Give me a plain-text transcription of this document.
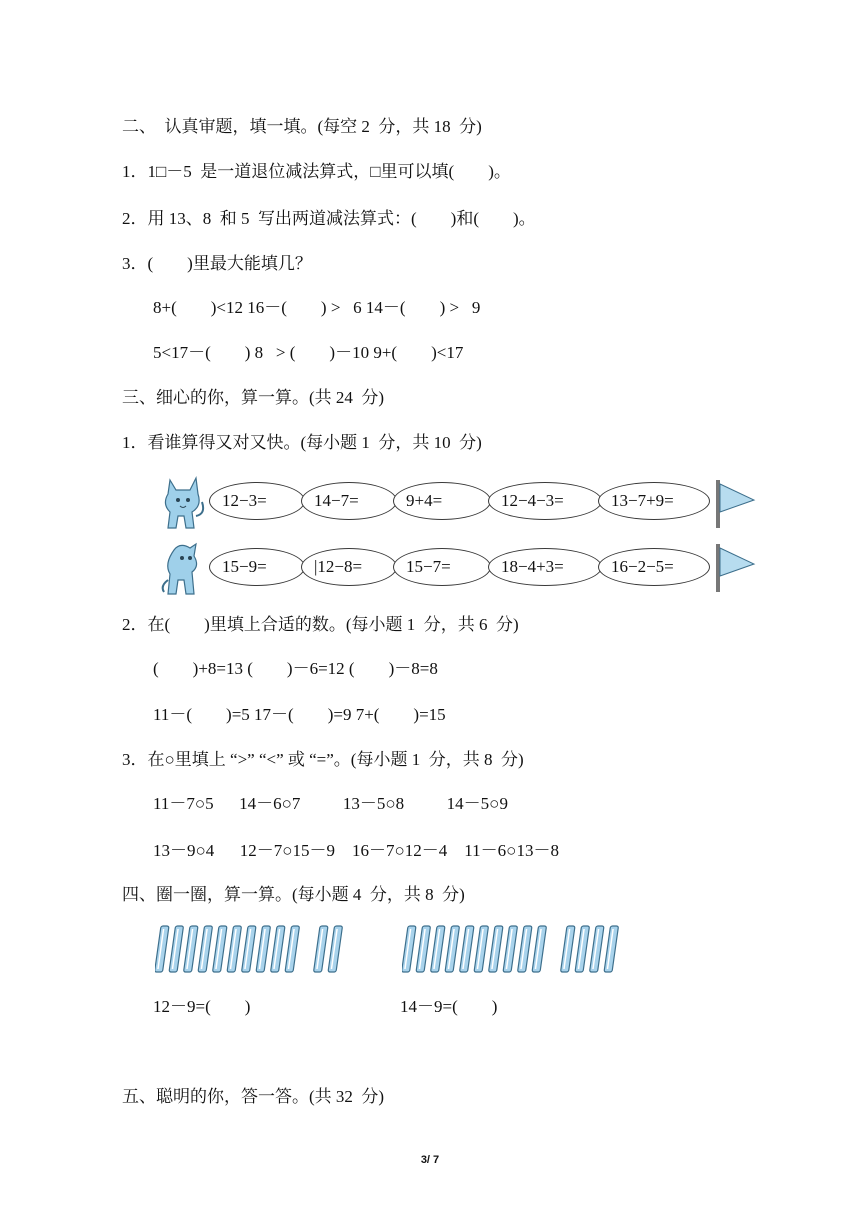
二、  认真审题，填一填。(每空 2  分，共 18  分)
1．1□－5  是一道退位减法算式，□里可以填(        )。
2．用 13、8  和 5  写出两道减法算式：(        )和(        )。
3．(        )里最大能填几？
8+(        )<12 16－(        ) >   6 14－(        ) >   9
5<17－(        ) 8   > (        )－10 9+(        )<17
三、细心的你，算一算。(共 24  分)
1．看谁算得又对又快。(每小题 1  分，共 10  分)
12−3=	14−7=	9+4=	12−4−3=	13−7+9=
15−9=	|12−8=	15−7=	18−4+3=	16−2−5=
2．在(        )里填上合适的数。(每小题 1  分，共 6  分)
(        )+8=13 (        )－6=12 (        )－8=8
11－(        )=5 17－(        )=9 7+(        )=15
3．在○里填上 “>” “<” 或 “=”。(每小题 1  分，共 8  分)
11－7○5      14－6○7          13－5○8          14－5○9
13－9○4      12－7○15－9    16－7○12－4    11－6○13－8
四、圈一圈，算一算。(每小题 4  分，共 8  分)
12－9=(        )	14－9=(        )
五、聪明的你，答一答。(共 32  分)
3/ 7
